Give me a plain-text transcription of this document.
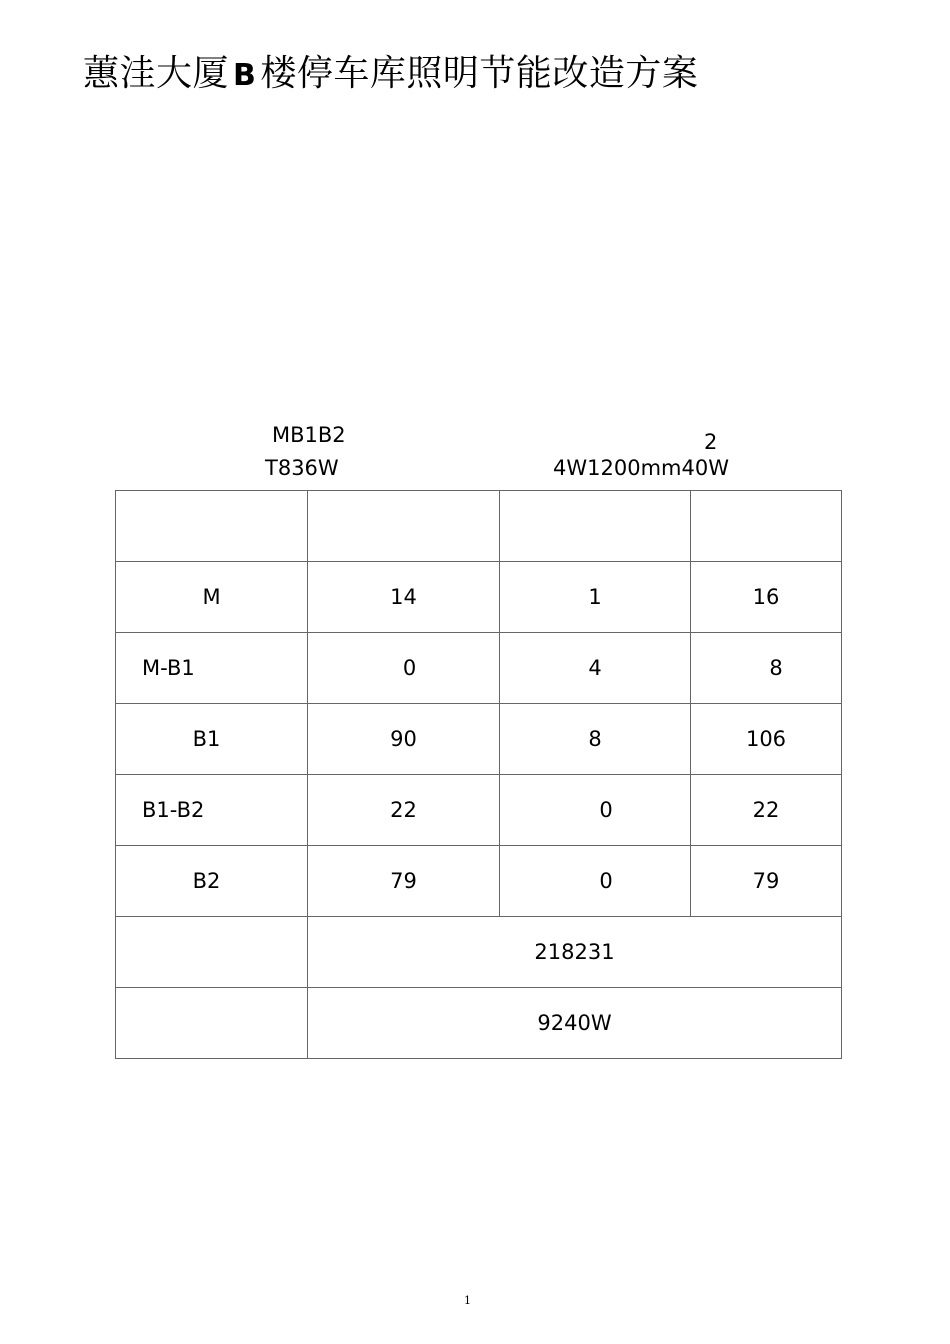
蕙洼大厦 B 楼停车库照明节能改造方案
MB1B2
T836W
2
4W1200mm40W

M	14	1	16
M-B1	0	4	8
B1	90	8	106
B1-B2	22	0	22
B2	79	0	79
	218231		
	9240W		
1
